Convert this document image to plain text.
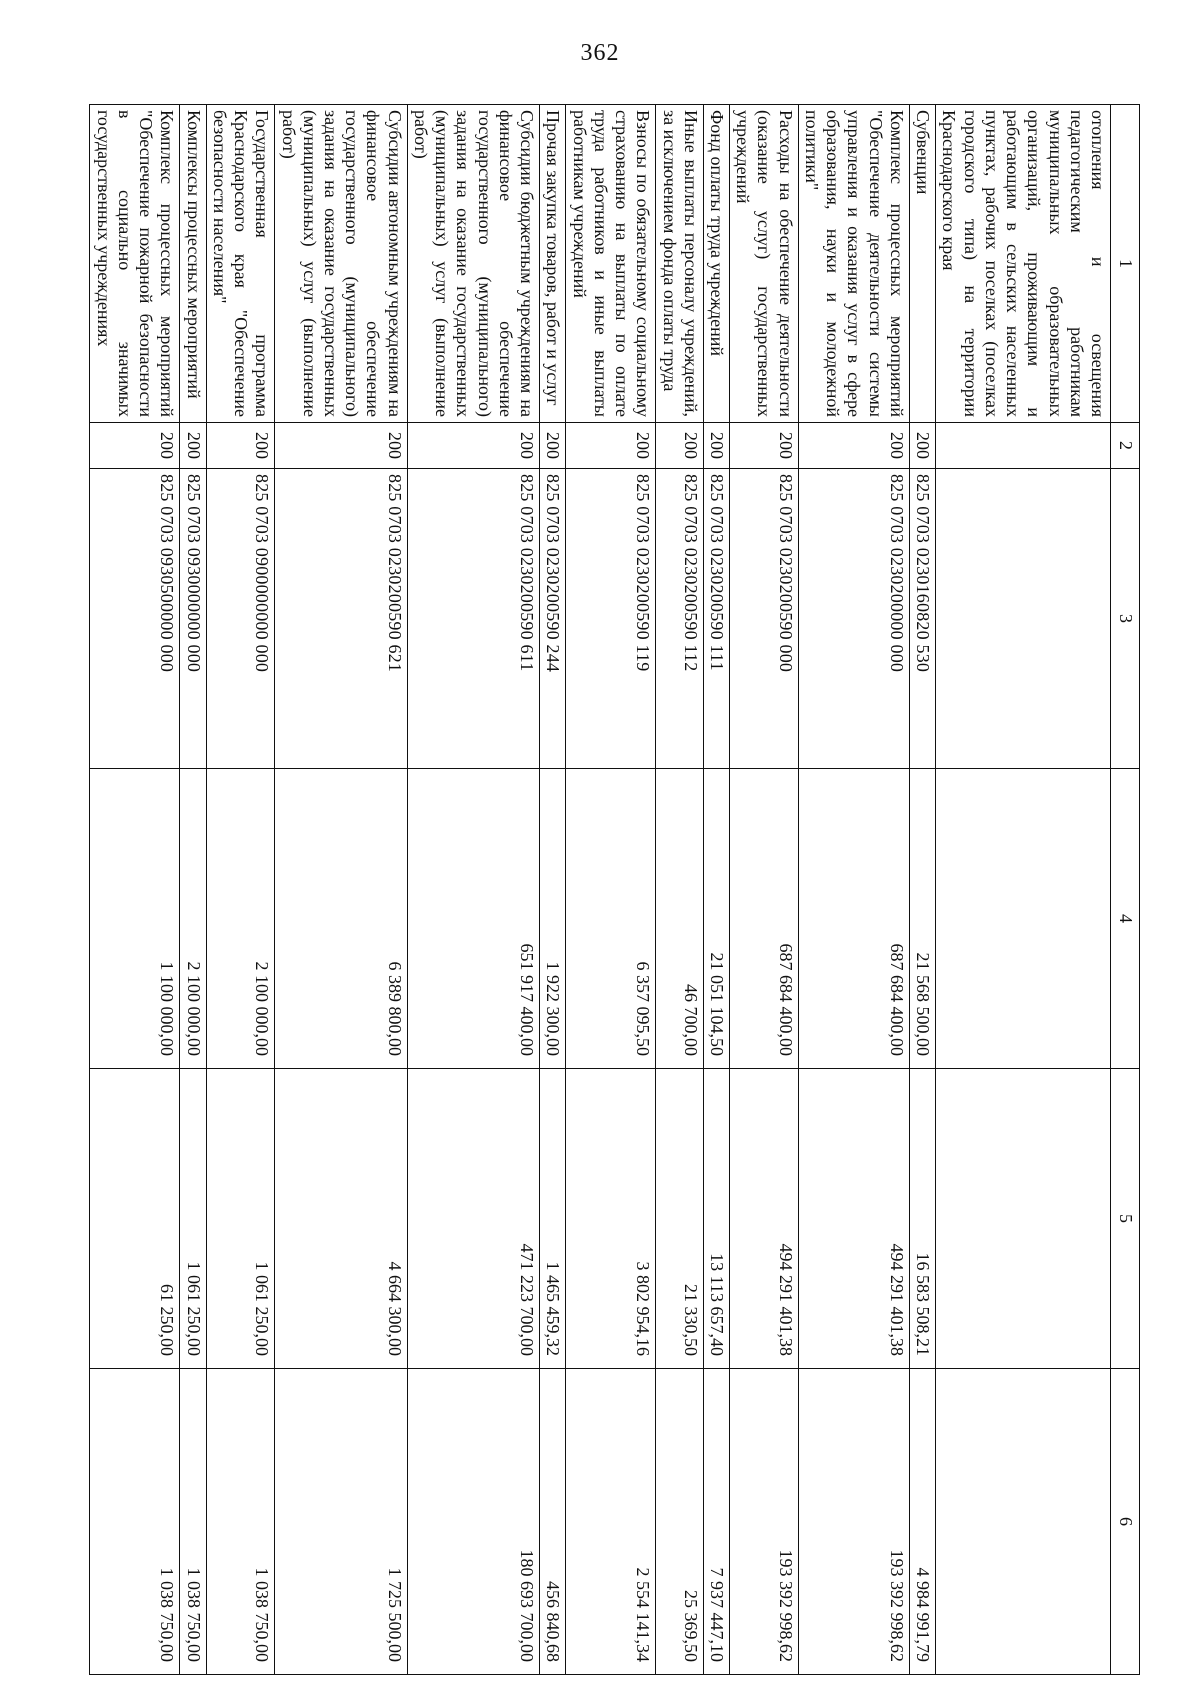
362
1	2	3	4	5	6
отопления и освещения педагогическим работникам муниципальных образовательных организаций, проживающим и работающим в сельских населенных пунктах, рабочих поселках (поселках городского типа) на территории Краснодарского края					
Субвенции	200	825 0703 0230160820 530	21 568 500,00	16 583 508,21	4 984 991,79
Комплекс процессных мероприятий "Обеспечение деятельности системы управления и оказания услуг в сфере образования, науки и молодежной политики"	200	825 0703 0230200000 000	687 684 400,00	494 291 401,38	193 392 998,62
Расходы на обеспечение деятельности (оказание услуг) государственных учреждений	200	825 0703 0230200590 000	687 684 400,00	494 291 401,38	193 392 998,62
Фонд оплаты труда учреждений	200	825 0703 0230200590 111	21 051 104,50	13 113 657,40	7 937 447,10
Иные выплаты персоналу учреждений, за исключением фонда оплаты труда	200	825 0703 0230200590 112	46 700,00	21 330,50	25 369,50
Взносы по обязательному социальному страхованию на выплаты по оплате труда работников и иные выплаты работникам учреждений	200	825 0703 0230200590 119	6 357 095,50	3 802 954,16	2 554 141,34
Прочая закупка товаров, работ и услуг	200	825 0703 0230200590 244	1 922 300,00	1 465 459,32	456 840,68
Субсидии бюджетным учреждениям на финансовое обеспечение государственного (муниципального) задания на оказание государственных (муниципальных) услуг (выполнение работ)	200	825 0703 0230200590 611	651 917 400,00	471 223 700,00	180 693 700,00
Субсидии автономным учреждениям на финансовое обеспечение государственного (муниципального) задания на оказание государственных (муниципальных) услуг (выполнение работ)	200	825 0703 0230200590 621	6 389 800,00	4 664 300,00	1 725 500,00
Государственная программа Краснодарского края "Обеспечение безопасности населения"	200	825 0703 0900000000 000	2 100 000,00	1 061 250,00	1 038 750,00
Комплексы процессных мероприятий	200	825 0703 0930000000 000	2 100 000,00	1 061 250,00	1 038 750,00
Комплекс процессных мероприятий "Обеспечение пожарной безопасности в социально значимых государственных учреждениях	200	825 0703 0930500000 000	1 100 000,00	61 250,00	1 038 750,00
